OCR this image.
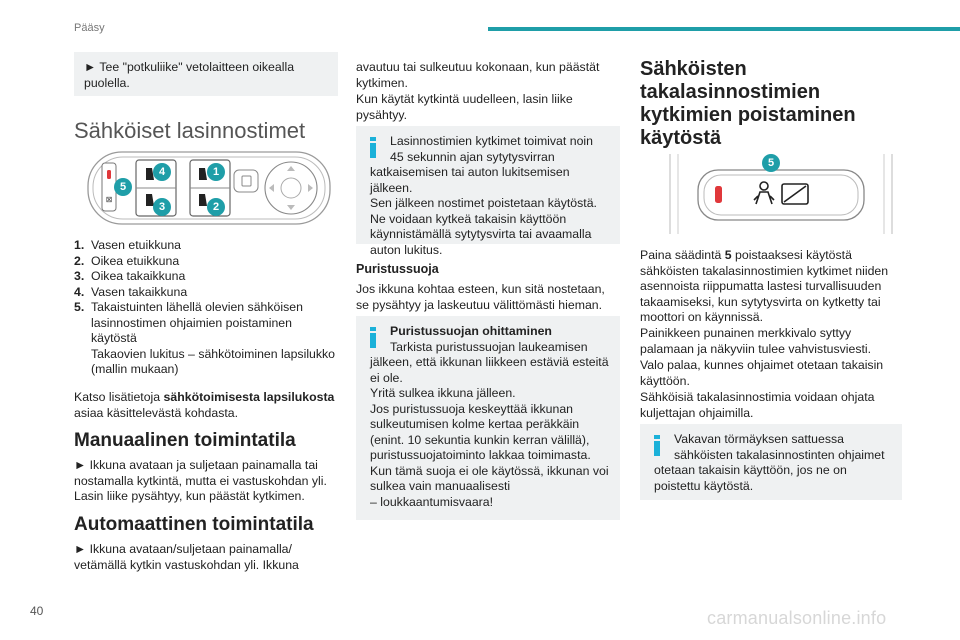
Pääsy

► Tee "potkuliike" vetolaitteen oikealla puolella.

Sähköiset lasinnostimet
⊠
4	1
3	2
5
1. Vasen etuikkuna
2. Oikea etuikkuna
3. Oikea takaikkuna
4. Vasen takaikkuna
5. Takaistuinten lähellä olevien sähköisen lasinnostimen ohjaimien poistaminen käytöstä
Takaovien lukitus – sähkötoiminen lapsilukko (mallin mukaan)

Katso lisätietoja sähkötoimisesta lapsilukosta asiaa käsittelevästä kohdasta.

Manuaalinen toimintatila

► Ikkuna avataan ja suljetaan painamalla tai nostamalla kytkintä, mutta ei vastuskohdan yli. Lasin liike pysähtyy, kun päästät kytkimen.

Automaattinen toimintatila

► Ikkuna avataan/suljetaan painamalla/ vetämällä kytkin vastuskohdan yli. Ikkuna

avautuu tai sulkeutuu kokonaan, kun päästät kytkimen.

Kun käytät kytkintä uudelleen, lasin liike pysähtyy.

Lasinnostimien kytkimet toimivat noin 45 sekunnin ajan sytytysvirran

katkaisemisen tai auton lukitsemisen jälkeen.

Sen jälkeen nostimet poistetaan käytöstä.

Ne voidaan kytkeä takaisin käyttöön käynnistämällä sytytysvirta tai avaamalla auton lukitus.

Puristussuoja

Jos ikkuna kohtaa esteen, kun sitä nostetaan, se pysähtyy ja laskeutuu välittömästi hieman.

Puristussuojan ohittaminen

Tarkista puristussuojan laukeamisen

jälkeen, että ikkunan liikkeen estäviä esteitä ei ole.

Yritä sulkea ikkuna jälleen.

Jos puristussuoja keskeyttää ikkunan sulkeutumisen kolme kertaa peräkkäin (enint. 10 sekuntia kunkin kerran välillä), puristussuojatoiminto lakkaa toimimasta.

Kun tämä suoja ei ole käytössä, ikkunan voi sulkea vain manuaalisesti

– loukkaantumisvaara!

Sähköisten takalasinnostimien kytkimien poistaminen käytöstä
5

Paina säädintä 5 poistaaksesi käytöstä sähköisten takalasinnostimien kytkimet niiden asennoista riippumatta lastesi turvallisuuden takaamiseksi, kun sytytysvirta on kytketty tai moottori on käynnissä.

Painikkeen punainen merkkivalo syttyy palamaan ja näkyviin tulee vahvistusviesti.

Valo palaa, kunnes ohjaimet otetaan takaisin käyttöön.

Sähköisiä takalasinnostimia voidaan ohjata kuljettajan ohjaimilla.

Vakavan törmäyksen sattuessa sähköisten takalasinnostinten ohjaimet

otetaan takaisin käyttöön, jos ne on poistettu käytöstä.

40	carmanualsonline.info
